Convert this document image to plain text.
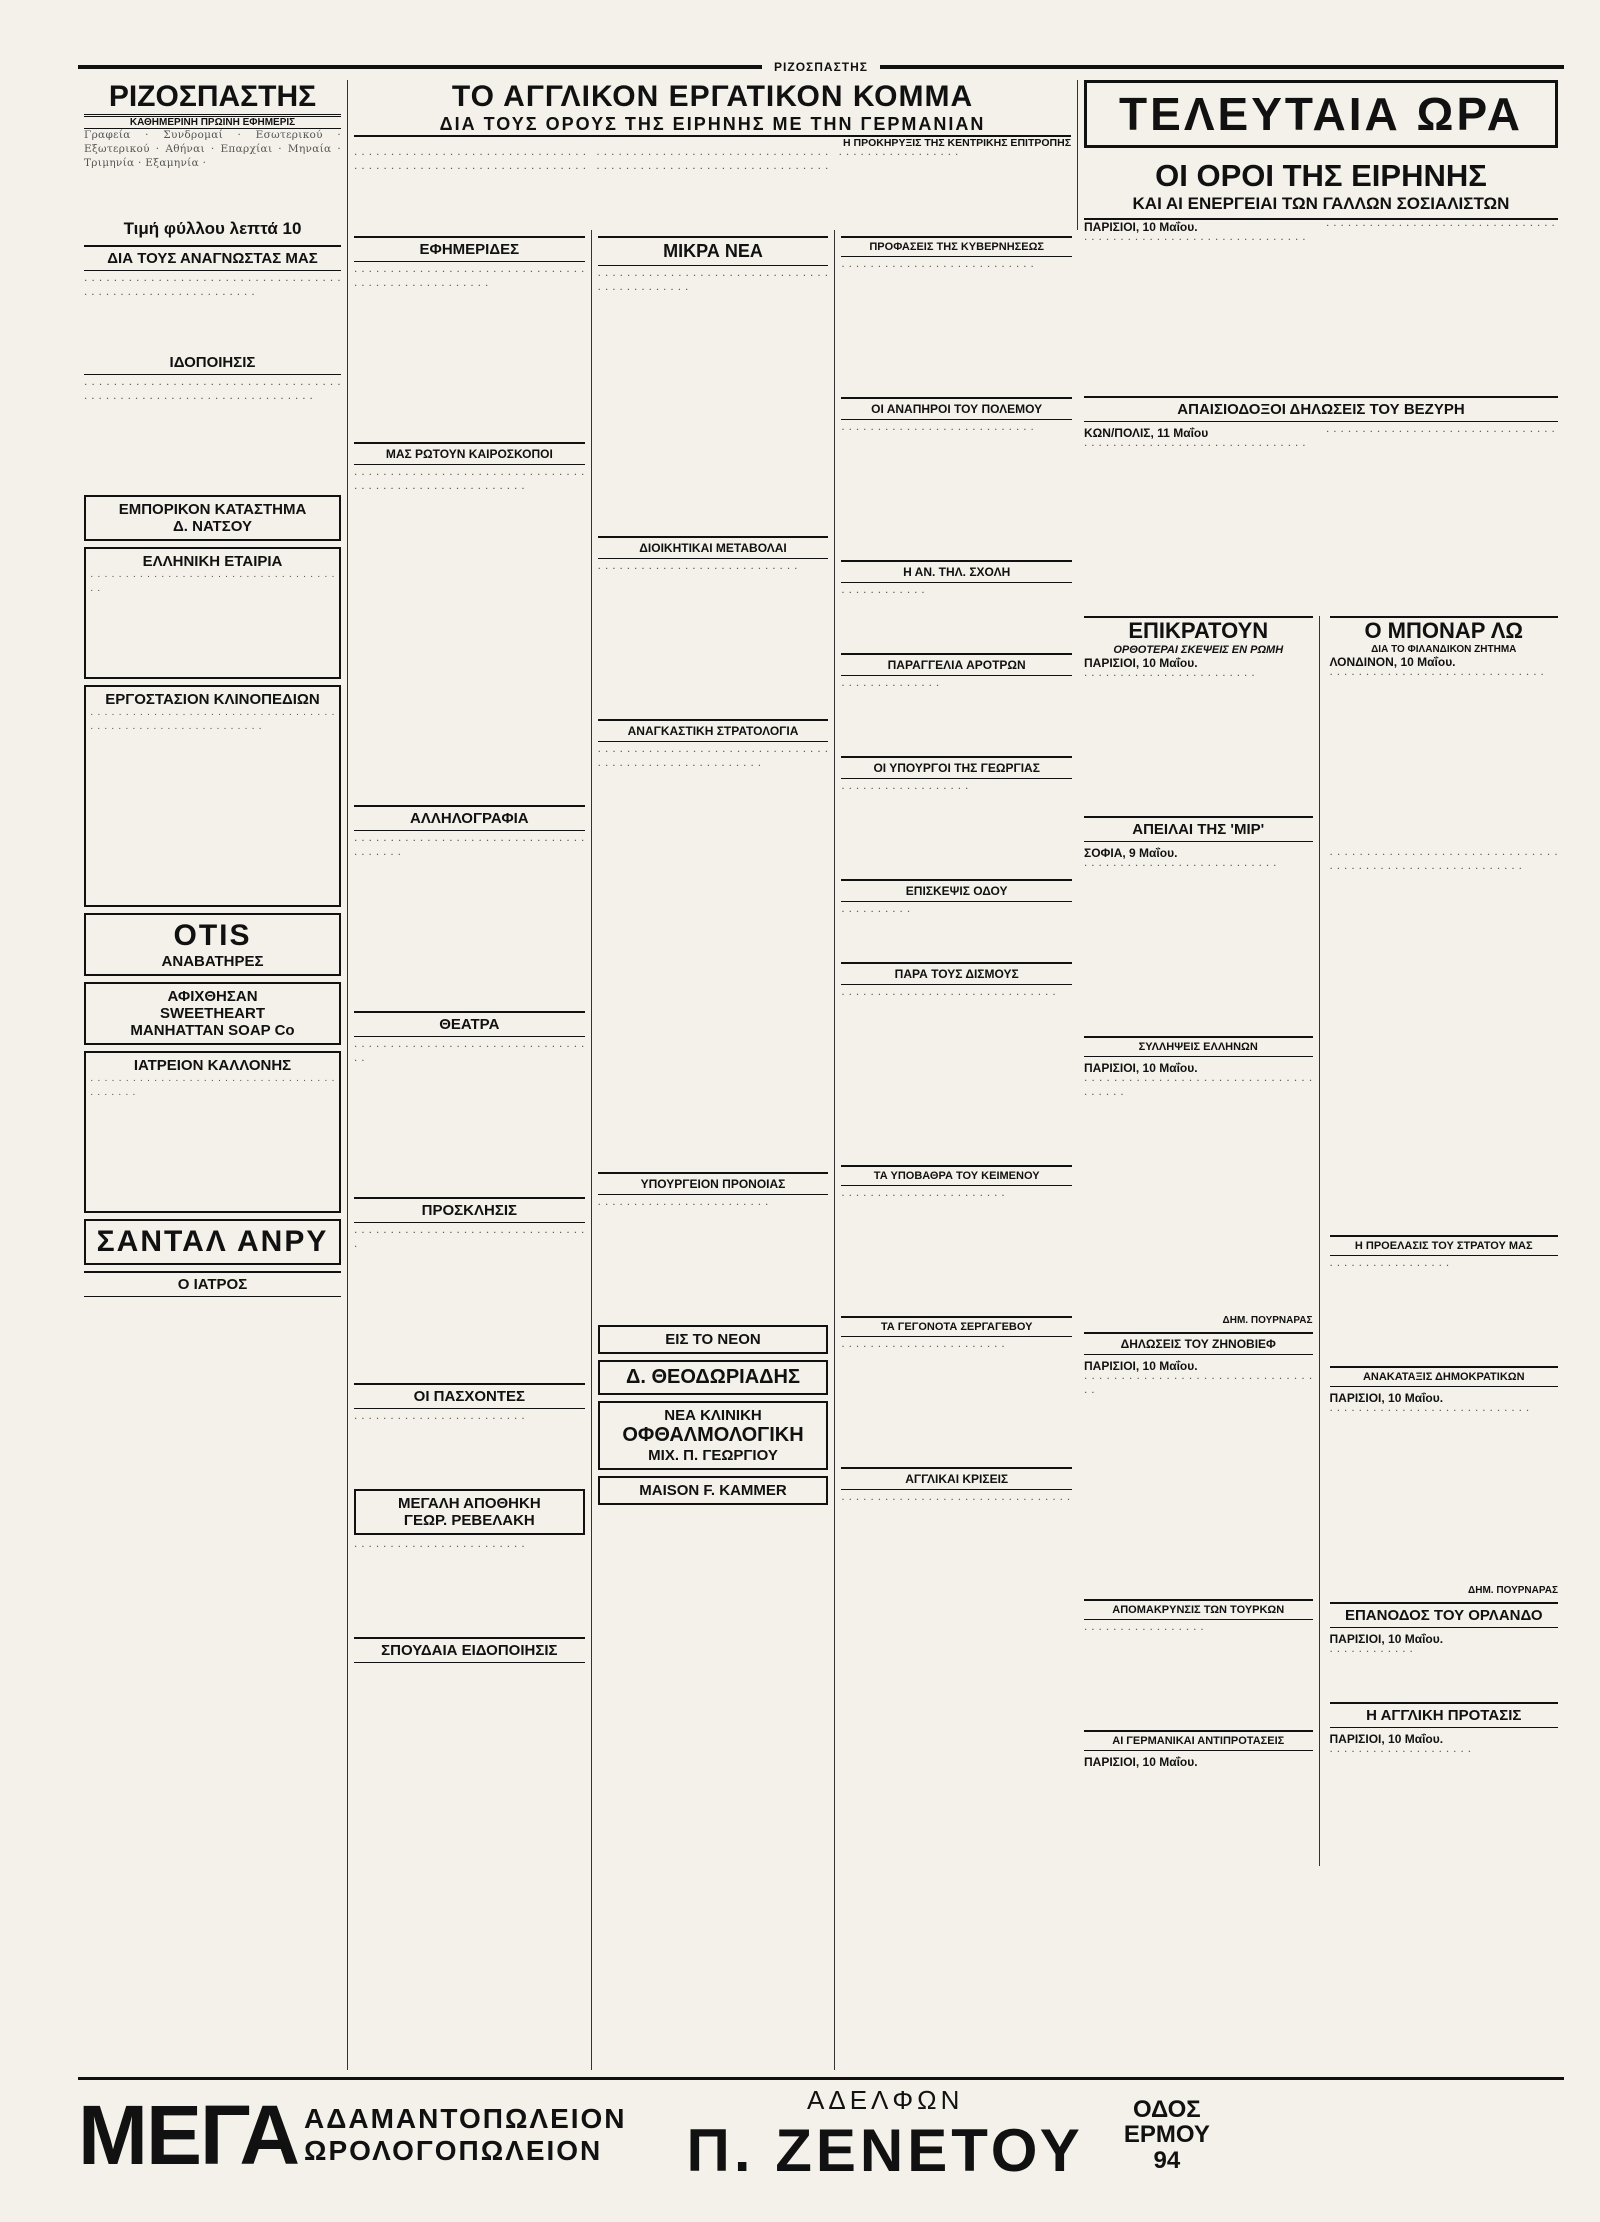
ΡΙΖΟΣΠΑΣΤΗΣ
ΡΙΖΟΣΠΑΣΤΗΣ
ΚΑΘΗΜΕΡΙΝΗ ΠΡΩΙΝΗ ΕΦΗΜΕΡΙΣ
Γραφεία · Συνδρομαί · Εσωτερικού · Εξωτερικού · Αθήναι · Επαρχίαι · Μηναία · Τριμηνία · Εξαμηνία ·
Τιμή φύλλου λεπτά 10
ΔΙΑ ΤΟΥΣ ΑΝΑΓΝΩΣΤΑΣ ΜΑΣ
· · · · · · · · · · · · · · · · · · · · · · · · · · · · · · · · · · · · · · · · · · · · · · · · · · · · · · · · · · ·
ΙΔΟΠΟΙΗΣΙΣ
· · · · · · · · · · · · · · · · · · · · · · · · · · · · · · · · · · · · · · · · · · · · · · · · · · · · · · · · · · · · · · · · · · ·
ΕΜΠΟΡΙΚΟΝ ΚΑΤΑΣΤΗΜΑ
Δ. ΝΑΤΣΟΥ
ΕΛΛΗΝΙΚΗ ΕΤΑΙΡΙΑ
· · · · · · · · · · · · · · · · · · · · · · · · · · · · · · · · · · · · ·
ΕΡΓΟΣΤΑΣΙΟΝ ΚΛΙΝΟΠΕΔΙΩΝ
· · · · · · · · · · · · · · · · · · · · · · · · · · · · · · · · · · · · · · · · · · · · · · · · · · · · · · · · · · · ·
OTIS
ΑΝΑΒΑΤΗΡΕΣ
ΑΦΙΧΘΗΣΑΝ
SWEETHEART
MANHATTAN SOAP Co
ΙΑΤΡΕΙΟΝ ΚΑΛΛΟΝΗΣ
· · · · · · · · · · · · · · · · · · · · · · · · · · · · · · · · · · · · · · · · · ·
ΣΑΝΤΑΛ ΑΝΡΥ
Ο ΙΑΤΡΟΣ
ΤΟ ΑΓΓΛΙΚΟΝ ΕΡΓΑΤΙΚΟΝ ΚΟΜΜΑ
ΔΙΑ ΤΟΥΣ ΟΡΟΥΣ ΤΗΣ ΕΙΡΗΝΗΣ ΜΕ ΤΗΝ ΓΕΡΜΑΝΙΑΝ
Η ΠΡΟΚΗΡΥΞΙΣ ΤΗΣ ΚΕΝΤΡΙΚΗΣ ΕΠΙΤΡΟΠΗΣ
· · · · · · · · · · · · · · · · · · · · · · · · · · · · · · · · · · · · · · · · · · · · · · · · · · · · · · · · · · · · · · · · · · · · · · · · · · · · · · · · · · · · · · · · · · · · · · · · · · · · · · · · · · · · · · · · · · · · · · · · · · · · · · · · · · · · · · · · · · · · · · · · ·
ΕΦΗΜΕΡΙΔΕΣ
· · · · · · · · · · · · · · · · · · · · · · · · · · · · · · · · · · · · · · · · · · · · · · · · · · ·
ΜΑΣ ΡΩΤΟΥΝ ΚΑΙΡΟΣΚΟΠΟΙ
· · · · · · · · · · · · · · · · · · · · · · · · · · · · · · · · · · · · · · · · · · · · · · · · · · · · · · · ·
ΑΛΛΗΛΟΓΡΑΦΙΑ
· · · · · · · · · · · · · · · · · · · · · · · · · · · · · · · · · · · · · · ·
ΘΕΑΤΡΑ
· · · · · · · · · · · · · · · · · · · · · · · · · · · · · · · · · ·
ΠΡΟΣΚΛΗΣΙΣ
· · · · · · · · · · · · · · · · · · · · · · · · · · · · · · · · ·
ΟΙ ΠΑΣΧΟΝΤΕΣ
· · · · · · · · · · · · · · · · · · · · · · · ·
ΜΕΓΑΛΗ ΑΠΟΘΗΚΗ
ΓΕΩΡ. ΡΕΒΕΛΑΚΗ
· · · · · · · · · · · · · · · · · · · · · · · ·
ΣΠΟΥΔΑΙΑ ΕΙΔΟΠΟΙΗΣΙΣ
ΜΙΚΡΑ ΝΕΑ
· · · · · · · · · · · · · · · · · · · · · · · · · · · · · · · · · · · · · · · · · · · · ·
ΔΙΟΙΚΗΤΙΚΑΙ ΜΕΤΑΒΟΛΑΙ
· · · · · · · · · · · · · · · · · · · · · · · · · · · ·
ΑΝΑΓΚΑΣΤΙΚΗ ΣΤΡΑΤΟΛΟΓΙΑ
· · · · · · · · · · · · · · · · · · · · · · · · · · · · · · · · · · · · · · · · · · · · · · · · · · · · · · ·
ΥΠΟΥΡΓΕΙΟΝ ΠΡΟΝΟΙΑΣ
· · · · · · · · · · · · · · · · · · · · · · · ·
ΕΙΣ ΤΟ ΝΕΟΝ
Δ. ΘΕΟΔΩΡΙΑΔΗΣ
ΝΕΑ ΚΛΙΝΙΚΗ
ΟΦΘΑΛΜΟΛΟΓΙΚΗ
ΜΙΧ. Π. ΓΕΩΡΓΙΟΥ
MAISON F. KAMMER
ΠΡΟΦΑΣΕΙΣ ΤΗΣ ΚΥΒΕΡΝΗΣΕΩΣ
· · · · · · · · · · · · · · · · · · · · · · · · · · ·
ΟΙ ΑΝΑΠΗΡΟΙ ΤΟΥ ΠΟΛΕΜΟΥ
· · · · · · · · · · · · · · · · · · · · · · · · · · ·
Η ΑΝ. ΤΗΛ. ΣΧΟΛΗ
· · · · · · · · · · · ·
ΠΑΡΑΓΓΕΛΙΑ ΑΡΟΤΡΩΝ
· · · · · · · · · · · · · ·
ΟΙ ΥΠΟΥΡΓΟΙ ΤΗΣ ΓΕΩΡΓΙΑΣ
· · · · · · · · · · · · · · · · · ·
ΕΠΙΣΚΕΨΙΣ ΟΔΟΥ
· · · · · · · · · ·
ΠΑΡΑ ΤΟΥΣ ΔΙΣΜΟΥΣ
· · · · · · · · · · · · · · · · · · · · · · · · · · · · · ·
ΤΑ ΥΠΟΒΑΘΡΑ ΤΟΥ ΚΕΙΜΕΝΟΥ
· · · · · · · · · · · · · · · · · · · · · · ·
ΤΑ ΓΕΓΟΝΟΤΑ ΣΕΡΓΑΓΕΒΟΥ
· · · · · · · · · · · · · · · · · · · · · · ·
ΑΓΓΛΙΚΑΙ ΚΡΙΣΕΙΣ
· · · · · · · · · · · · · · · · · · · · · · · · · · · · · · · ·
ΤΕΛΕΥΤΑΙΑ ΩΡΑ
ΟΙ ΟΡΟΙ ΤΗΣ ΕΙΡΗΝΗΣ
ΚΑΙ ΑΙ ΕΝΕΡΓΕΙΑΙ ΤΩΝ ΓΑΛΛΩΝ ΣΟΣΙΑΛΙΣΤΩΝ
ΠΑΡΙΣΙΟΙ, 10 Μαΐου.
· · · · · · · · · · · · · · · · · · · · · · · · · · · · · · ·
· · · · · · · · · · · · · · · · · · · · · · · · · · · · · · · ·
ΑΠΑΙΣΙΟΔΟΞΟΙ ΔΗΛΩΣΕΙΣ ΤΟΥ ΒΕΖΥΡΗ
ΚΩΝ/ΠΟΛΙΣ, 11 Μαΐου
· · · · · · · · · · · · · · · · · · · · · · · · · · · · · · ·
· · · · · · · · · · · · · · · · · · · · · · · · · · · · · · · ·
ΕΠΙΚΡΑΤΟΥΝ
ΟΡΘΟΤΕΡΑΙ ΣΚΕΨΕΙΣ ΕΝ ΡΩΜΗ
ΠΑΡΙΣΙΟΙ, 10 Μαΐου.
· · · · · · · · · · · · · · · · · · · · · · · ·
ΑΠΕΙΛΑΙ ΤΗΣ 'ΜΙΡ'
ΣΟΦΙΑ, 9 Μαΐου.
· · · · · · · · · · · · · · · · · · · · · · · · · · ·
ΣΥΛΛΗΨΕΙΣ ΕΛΛΗΝΩΝ
ΠΑΡΙΣΙΟΙ, 10 Μαΐου.
· · · · · · · · · · · · · · · · · · · · · · · · · · · · · · · · · · · · ·
ΔΗΜ. ΠΟΥΡΝΑΡΑΣ
ΔΗΛΩΣΕΙΣ ΤΟΥ ΖΗΝΟΒΙΕΦ
ΠΑΡΙΣΙΟΙ, 10 Μαΐου.
· · · · · · · · · · · · · · · · · · · · · · · · · · · · · · · · ·
ΑΠΟΜΑΚΡΥΝΣΙΣ ΤΩΝ ΤΟΥΡΚΩΝ
· · · · · · · · · · · · · · · · ·
ΑΙ ΓΕΡΜΑΝΙΚΑΙ ΑΝΤΙΠΡΟΤΑΣΕΙΣ
ΠΑΡΙΣΙΟΙ, 10 Μαΐου.
Ο ΜΠΟΝΑΡ ΛΩ
ΔΙΑ ΤΟ ΦΙΛΑΝΔΙΚΟΝ ΖΗΤΗΜΑ
ΛΟΝΔΙΝΟΝ, 10 Μαΐου.
· · · · · · · · · · · · · · · · · · · · · · · · · · · · · ·
· · · · · · · · · · · · · · · · · · · · · · · · · · · · · · · · · · · · · · · · · · · · · · · · · · · · · · · · · ·
Η ΠΡΟΕΛΑΣΙΣ ΤΟΥ ΣΤΡΑΤΟΥ ΜΑΣ
· · · · · · · · · · · · · · · · ·
ΑΝΑΚΑΤΑΞΙΣ ΔΗΜΟΚΡΑΤΙΚΩΝ
ΠΑΡΙΣΙΟΙ, 10 Μαΐου.
· · · · · · · · · · · · · · · · · · · · · · · · · · · ·
ΔΗΜ. ΠΟΥΡΝΑΡΑΣ
ΕΠΑΝΟΔΟΣ ΤΟΥ ΟΡΛΑΝΔΟ
ΠΑΡΙΣΙΟΙ, 10 Μαΐου.
· · · · · · · · · · · ·
Η ΑΓΓΛΙΚΗ ΠΡΟΤΑΣΙΣ
ΠΑΡΙΣΙΟΙ, 10 Μαΐου.
· · · · · · · · · · · · · · · · · · · ·
ΜΕΓΑ ΑΔΑΜΑΝΤΟΠΩΛΕΙΟΝ
ΩΡΟΛΟΓΟΠΩΛΕΙΟΝ
ΑΔΕΛΦΩΝ
Π. ΖΕΝΕΤΟΥ
ΟΔΟΣ
ΕΡΜΟΥ
94
